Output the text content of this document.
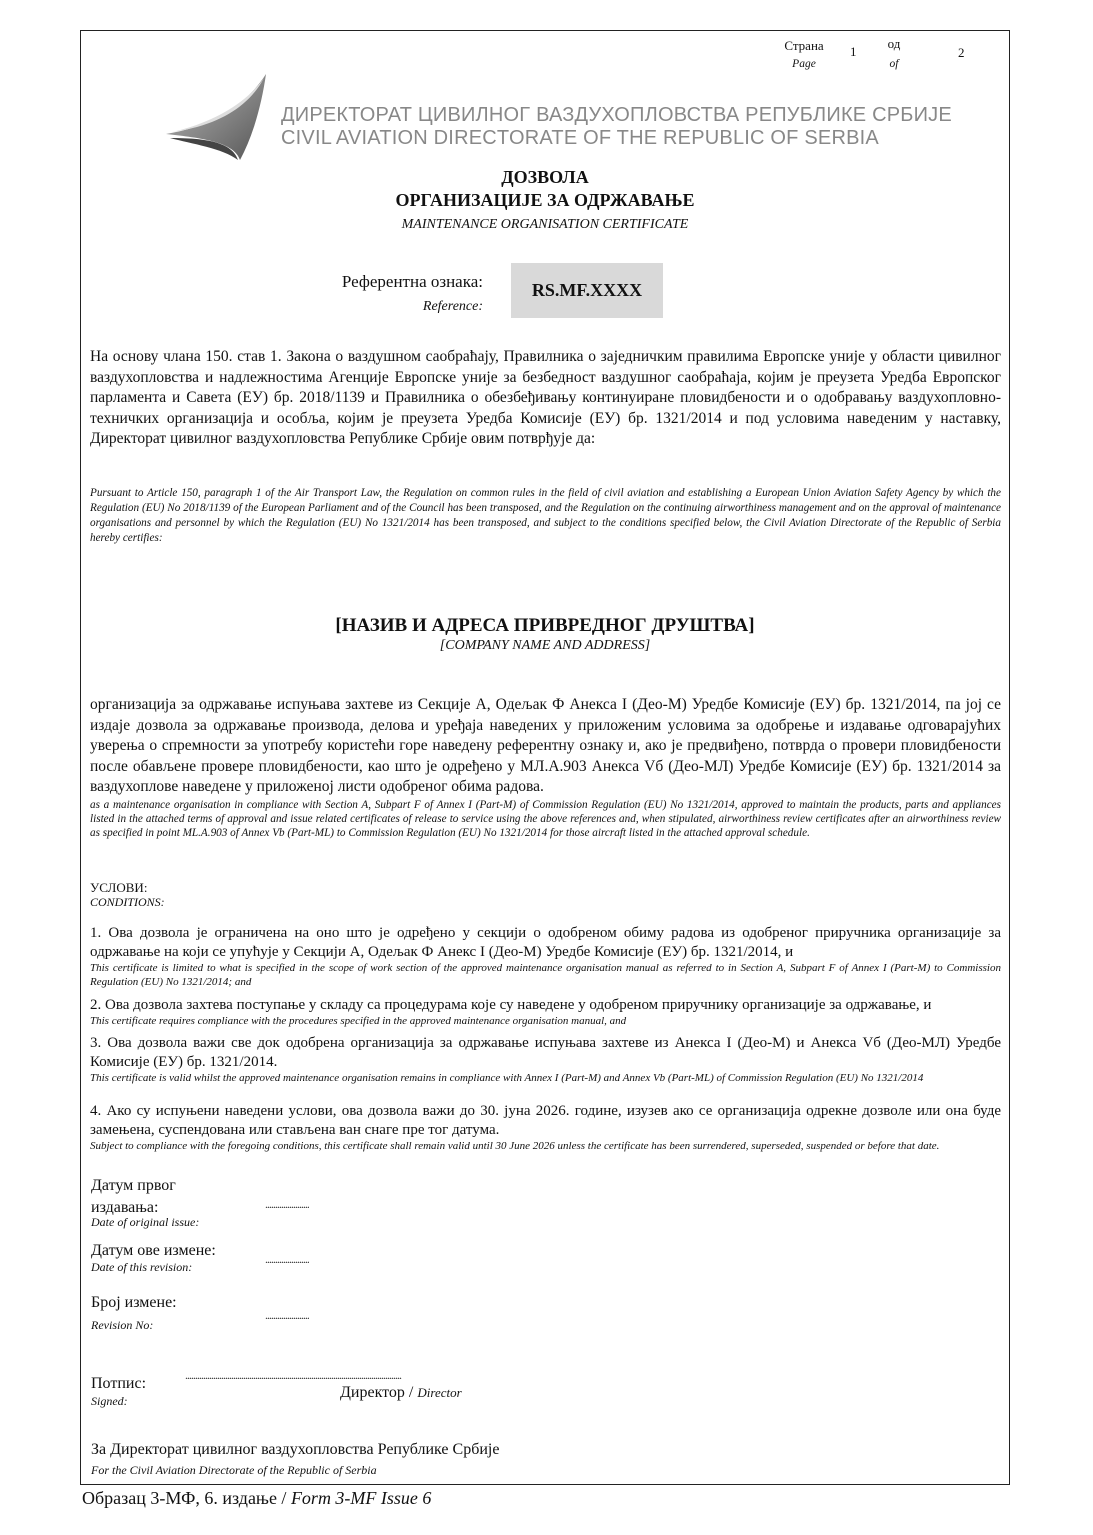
Страна
Page
1
од
of
2
ДИРЕКТОРАТ ЦИВИЛНОГ ВАЗДУХОПЛОВСТВА РЕПУБЛИКЕ СРБИЈЕ
CIVIL AVIATION DIRECTORATE OF THE REPUBLIC OF SERBIA
ДОЗВОЛА
ОРГАНИЗАЦИЈЕ ЗА ОДРЖАВАЊЕ
MAINTENANCE ORGANISATION CERTIFICATE
Референтна ознака:
Reference:
RS.MF.XXXX
На основу члана 150. став 1. Закона о ваздушном саобраћају, Правилника о заједничким правилима Европске уније у области цивилног ваздухопловства и надлежностима Агенције Европске уније за безбедност ваздушног саобраћаја, којим је преузета Уредба Европског парламента и Савета (ЕУ) бр. 2018/1139 и Правилника о обезбеђивању континуиране пловидбености и о одобравању ваздухопловно-техничких организација и особља, којим је преузета Уредба Комисије (ЕУ) бр. 1321/2014 и под условима наведеним у наставку, Директорат цивилног ваздухопловства Републике Србије овим потврђује да:
Pursuant to Article 150, paragraph 1 of the Air Transport Law, the Regulation on common rules in the field of civil aviation and establishing a European Union Aviation Safety Agency by which the Regulation (EU) No 2018/1139 of the European Parliament and of the Council has been transposed, and the Regulation on the continuing airworthiness management and on the approval of maintenance organisations and personnel by which the Regulation (EU) No 1321/2014 has been transposed, and subject to the conditions specified below, the Civil Aviation Directorate of the Republic of Serbia hereby certifies:
[НАЗИВ И АДРЕСА ПРИВРЕДНОГ ДРУШТВА]
[COMPANY NAME AND ADDRESS]
организација за одржавање испуњава захтеве из Секције А, Одељак Ф Анекса I (Део-М) Уредбе Комисије (ЕУ) бр. 1321/2014, па јој се издаје дозвола за одржавање производа, делова и уређаја наведених у приложеним условима за одобрење и издавање одговарајућих уверења о спремности за употребу користећи горе наведену референтну ознаку и, ако је предвиђено, потврда о провери пловидбености после обављене провере пловидбености, као што је одређено у МЛ.А.903 Анекса Vб (Део-МЛ) Уредбе Комисије (ЕУ) бр. 1321/2014 за ваздухоплове наведене у приложеној листи одобреног обима радова.
as a maintenance organisation in compliance with Section A, Subpart F of Annex I (Part-M) of Commission Regulation (EU) No 1321/2014, approved to maintain the products, parts and appliances listed in the attached terms of approval and issue related certificates of release to service using the above references and, when stipulated, airworthiness review certificates after an airworthiness review as specified in point ML.A.903 of Annex Vb (Part-ML) to Commission Regulation (EU) No 1321/2014 for those aircraft listed in the attached approval schedule.
УСЛОВИ:
CONDITIONS:
1. Ова дозвола је ограничена на оно што је одређено у секцији о одобреном обиму радова из одобреног приручника организације за одржавање на који се упућује у Секцији А, Одељак Ф Анекс I (Део-М) Уредбе Комисије (ЕУ) бр. 1321/2014, и
This certificate is limited to what is specified in the scope of work section of the approved maintenance organisation manual as referred to in Section A, Subpart F of Annex I (Part-M) to Commission Regulation (EU) No 1321/2014; and
2. Ова дозвола захтева поступање у складу са процедурама које су наведене у одобреном приручнику организације за одржавање, и
This certificate requires compliance with the procedures specified in the approved maintenance organisation manual, and
3. Ова дозвола важи све док одобрена организација за одржавање испуњава захтеве из Анекса I (Део-М) и Анекса Vб (Део-МЛ) Уредбе Комисије (ЕУ) бр. 1321/2014.
This certificate is valid whilst the approved maintenance organisation remains in compliance with Annex I (Part-M) and Annex Vb (Part-ML) of Commission Regulation (EU) No 1321/2014
4. Ако су испуњени наведени услови, ова дозвола важи до 30. јуна 2026. године, изузев ако се организација одрекне дозволе или она буде замењена, суспендована или стављена ван снаге пре тог датума.
Subject to compliance with the foregoing conditions, this certificate shall remain valid until 30 June 2026 unless the certificate has been surrendered, superseded, suspended or before that date.
Датум првог
издавања:
Date of original issue:
......................
Датум ове измене:
Date of this revision:
......................
Број измене:
Revision No:
......................
Потпис:
Signed:
............................................................................................................
Директор / Director
За Директорат цивилног ваздухопловства Републике Србије
For the Civil Aviation Directorate of the Republic of Serbia
Образац 3-МФ, 6. издање / Form 3-MF Issue 6
